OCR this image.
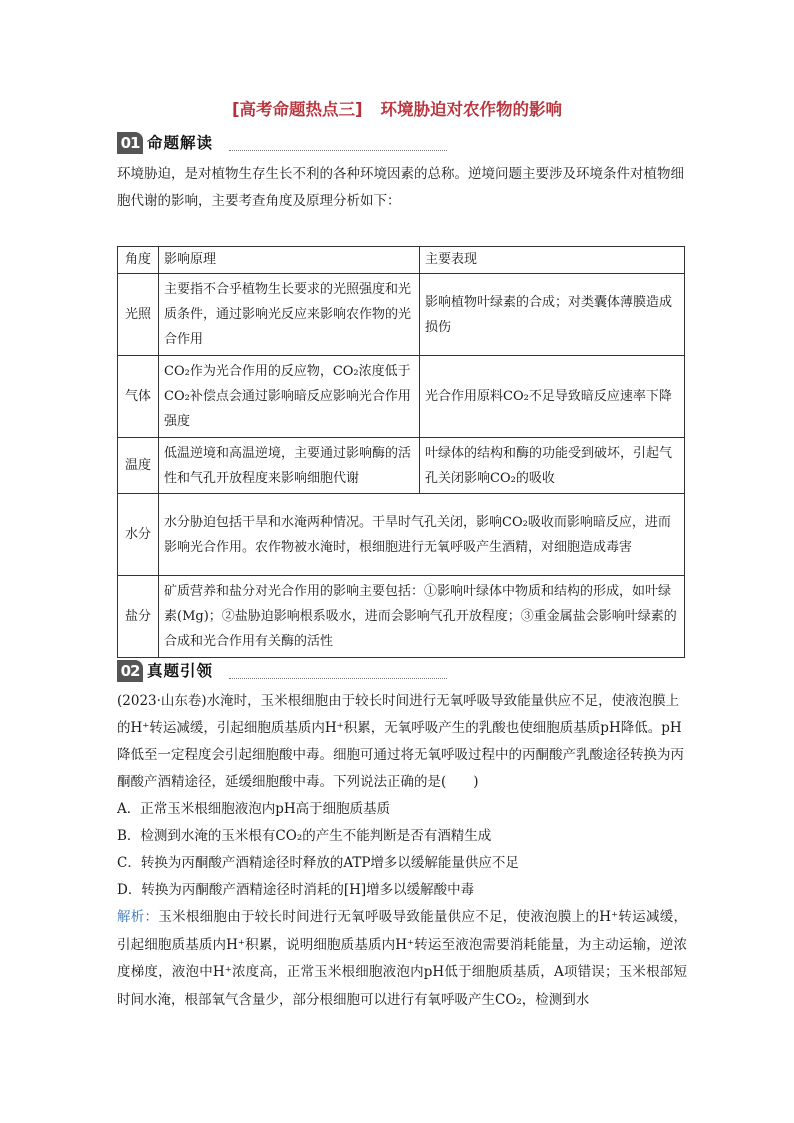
[高考命题热点三] 环境胁迫对农作物的影响
01 命题解读
环境胁迫，是对植物生存生长不利的各种环境因素的总称。逆境问题主要涉及环境条件对植物细胞代谢的影响，主要考查角度及原理分析如下：
角度	影响原理	主要表现
光照	主要指不合乎植物生长要求的光照强度和光质条件，通过影响光反应来影响农作物的光合作用	影响植物叶绿素的合成；对类囊体薄膜造成损伤
气体	CO₂作为光合作用的反应物，CO₂浓度低于CO₂补偿点会通过影响暗反应影响光合作用强度	光合作用原料CO₂不足导致暗反应速率下降
温度	低温逆境和高温逆境，主要通过影响酶的活性和气孔开放程度来影响细胞代谢	叶绿体的结构和酶的功能受到破坏，引起气孔关闭影响CO₂的吸收
水分	水分胁迫包括干旱和水淹两种情况。干旱时气孔关闭，影响CO₂吸收而影响暗反应，进而影响光合作用。农作物被水淹时，根细胞进行无氧呼吸产生酒精，对细胞造成毒害	
盐分	矿质营养和盐分对光合作用的影响主要包括：①影响叶绿体中物质和结构的形成，如叶绿素(Mg)；②盐胁迫影响根系吸水，进而会影响气孔开放程度；③重金属盐会影响叶绿素的合成和光合作用有关酶的活性	
02 真题引领
(2023·山东卷)水淹时，玉米根细胞由于较长时间进行无氧呼吸导致能量供应不足，使液泡膜上的H⁺转运减缓，引起细胞质基质内H⁺积累，无氧呼吸产生的乳酸也使细胞质基质pH降低。pH降低至一定程度会引起细胞酸中毒。细胞可通过将无氧呼吸过程中的丙酮酸产乳酸途径转换为丙酮酸产酒精途径，延缓细胞酸中毒。下列说法正确的是(　　)
A．正常玉米根细胞液泡内pH高于细胞质基质
B．检测到水淹的玉米根有CO₂的产生不能判断是否有酒精生成
C．转换为丙酮酸产酒精途径时释放的ATP增多以缓解能量供应不足
D．转换为丙酮酸产酒精途径时消耗的[H]增多以缓解酸中毒
解析：玉米根细胞由于较长时间进行无氧呼吸导致能量供应不足，使液泡膜上的H⁺转运减缓，引起细胞质基质内H⁺积累，说明细胞质基质内H⁺转运至液泡需要消耗能量，为主动运输，逆浓度梯度，液泡中H⁺浓度高，正常玉米根细胞液泡内pH低于细胞质基质，A项错误；玉米根部短时间水淹，根部氧气含量少，部分根细胞可以进行有氧呼吸产生CO₂，检测到水
